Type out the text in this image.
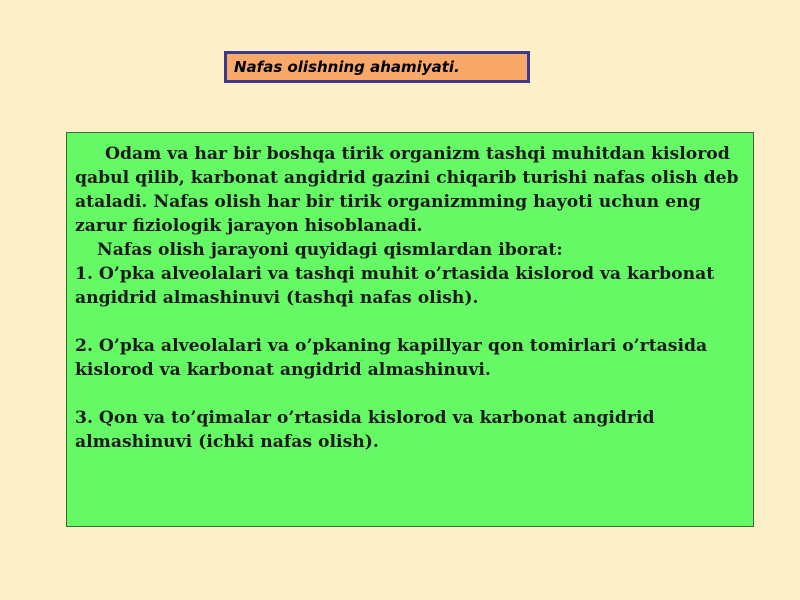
Nafas olishning ahamiyati.

Odam va har bir boshqa tirik organizm tashqi muhitdan kislorod qabul qilib, karbonat angidrid gazini chiqarib turishi nafas olish deb ataladi. Nafas olish har bir tirik organizmming hayoti uchun eng zarur fiziologik jarayon hisoblanadi.

Nafas olish jarayoni quyidagi qismlardan iborat:

1. O’pka alveolalari va tashqi muhit o’rtasida kislorod va karbonat angidrid almashinuvi (tashqi nafas olish).

2. O’pka alveolalari va o’pkaning kapillyar qon tomirlari o’rtasida kislorod va karbonat angidrid almashinuvi.

3. Qon va to’qimalar o’rtasida kislorod va karbonat angidrid almashinuvi (ichki nafas olish).
